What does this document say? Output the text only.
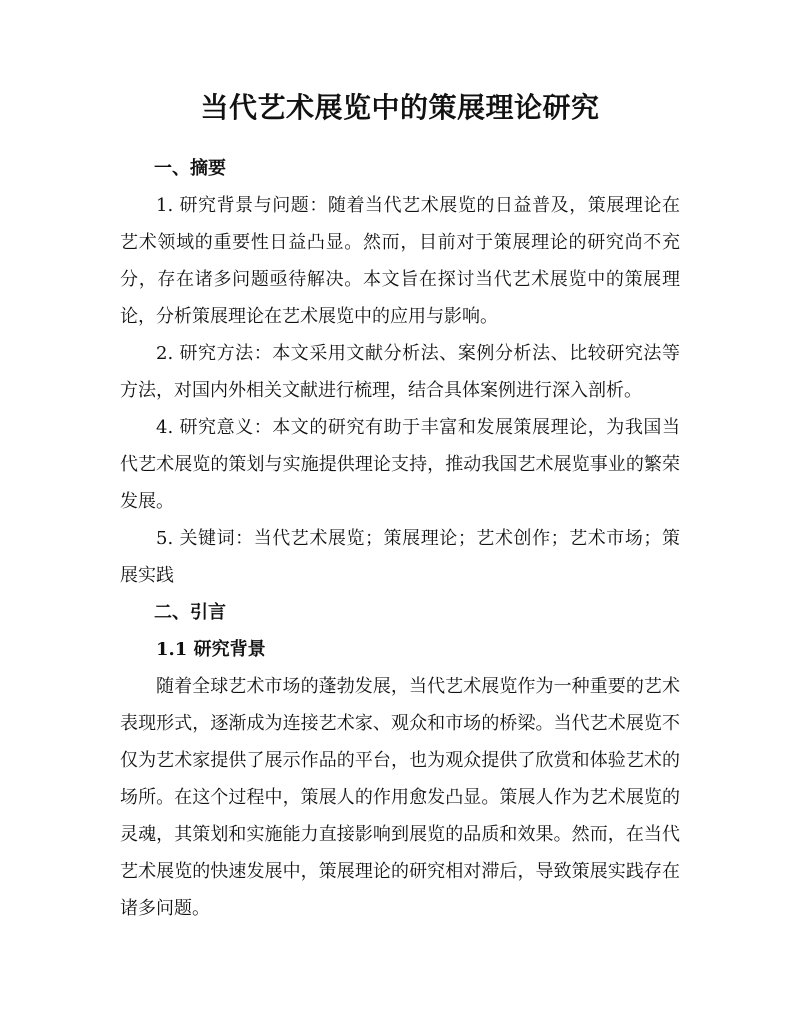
当代艺术展览中的策展理论研究
一、摘要

1. 研究背景与问题：随着当代艺术展览的日益普及，策展理论在艺术领域的重要性日益凸显。然而，目前对于策展理论的研究尚不充分，存在诸多问题亟待解决。本文旨在探讨当代艺术展览中的策展理论，分析策展理论在艺术展览中的应用与影响。

2. 研究方法：本文采用文献分析法、案例分析法、比较研究法等方法，对国内外相关文献进行梳理，结合具体案例进行深入剖析。

4. 研究意义：本文的研究有助于丰富和发展策展理论，为我国当代艺术展览的策划与实施提供理论支持，推动我国艺术展览事业的繁荣发展。

5. 关键词：当代艺术展览；策展理论；艺术创作；艺术市场；策展实践

二、引言
1.1 研究背景

随着全球艺术市场的蓬勃发展，当代艺术展览作为一种重要的艺术表现形式，逐渐成为连接艺术家、观众和市场的桥梁。当代艺术展览不仅为艺术家提供了展示作品的平台，也为观众提供了欣赏和体验艺术的场所。在这个过程中，策展人的作用愈发凸显。策展人作为艺术展览的灵魂，其策划和实施能力直接影响到展览的品质和效果。然而，在当代艺术展览的快速发展中，策展理论的研究相对滞后，导致策展实践存在诸多问题。
